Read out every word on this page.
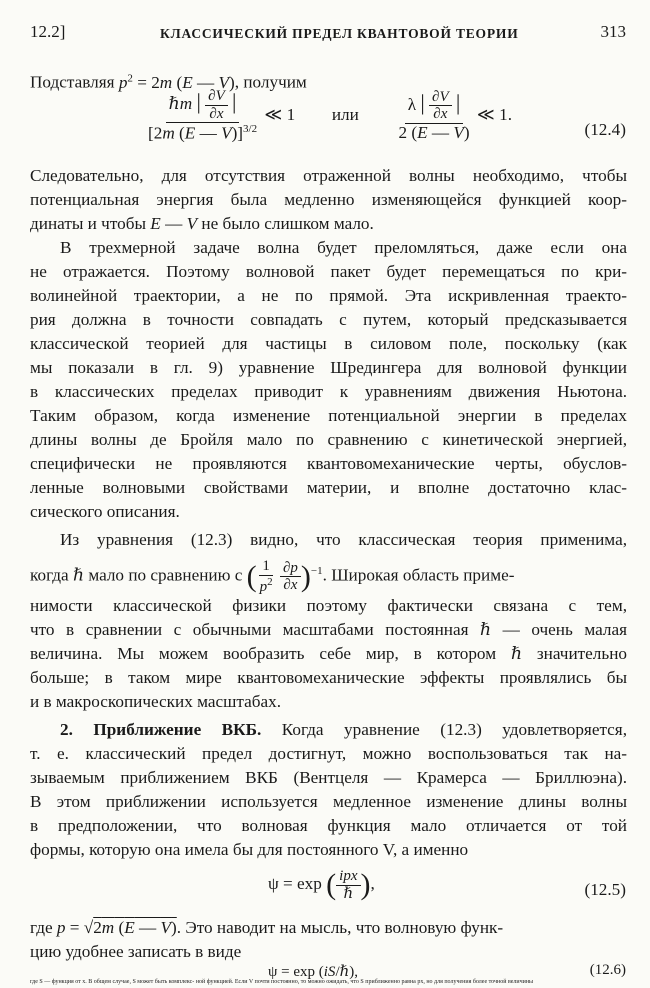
12.2]	КЛАССИЧЕСКИЙ ПРЕДЕЛ КВАНТОВОЙ ТЕОРИИ	313
Подставляя $p^2 = 2m$ (E — V), получим
$\frac{\hbar m | \frac{\partial V}{\partial x} |}{[2m (E — V)]^{3/2}}$ ≪ 1 или $\frac{\lambda | \frac{\partial V}{\partial x} |}{2 (E — V)}$ ≪ 1.
(12.4)
Следовательно, для отсутствия отраженной волны необходимо, чтобы
потенциальная энергия была медленно изменяющейся функцией коор-
динаты и чтобы E — V не было слишком мало.
В трехмерной задаче волна будет преломляться, даже если она
не отражается. Поэтому волновой пакет будет перемещаться по кри-
волинейной траектории, а не по прямой. Эта искривленная траекто-
рия должна в точности совпадать с путем, который предсказывается
классической теорией для частицы в силовом поле, поскольку (как
мы показали в гл. 9) уравнение Шредингера для волновой функции
в классических пределах приводит к уравнениям движения Ньютона.
Таким образом, когда изменение потенциальной энергии в пределах
длины волны де Бройля мало по сравнению с кинетической энергией,
специфически не проявляются квантовомеханические черты, обуслов-
ленные волновыми свойствами материи, и вполне достаточно клас-
сического описания.
Из уравнения (12.3) видно, что классическая теория применима,
когда ℏ мало по сравнению с ( $\frac{1}{p^2}$
$\frac{\partial p}{\partial x} )^{-1}$. Широкая область приме-
нимости классической физики поэтому фактически связана с тем,
что в сравнении с обычными масштабами постоянная ℏ — очень малая
величина. Мы можем вообразить себе мир, в котором ℏ значительно
больше; в таком мире квантовомеханические эффекты проявлялись бы
и в макроскопических масштабах.
2. Приближение ВКБ. Когда уравнение (12.3) удовлетворяется,
т. е. классический предел достигнут, можно воспользоваться так на-
зываемым приближением ВКБ (Вентцеля — Крамерса — Бриллюэна).
В этом приближении используется медленное изменение длины волны
в предположении, что волновая функция мало отличается от той
формы, которую она имела бы для постоянного V, а именно
ψ = exp ( $\frac{\text{ipx}}{\text{ℏ}}$ ),	(12.5)
где p = √2m (E — V). Это наводит на мысль, что волновую функ-
цию удобнее записать в виде
ψ = exp (iS/ℏ),	(12.6)
где S — функция от x. В общем случае, S может быть комплекс- ной функцией. Если V почти постоянно, то можно ожидать, что S приближенно равна px, но для получения более точной величины
